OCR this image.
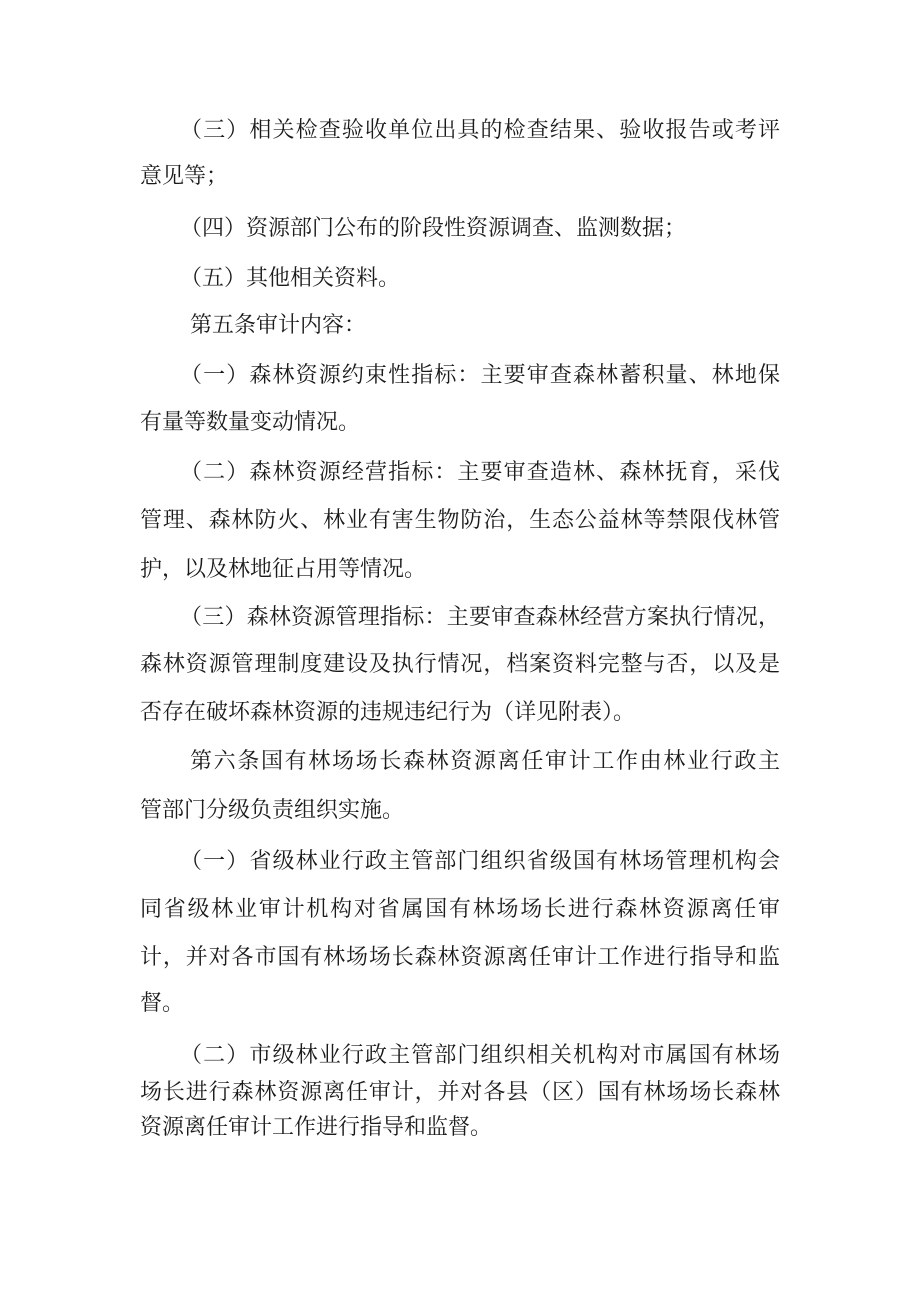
（三）相关检查验收单位出具的检查结果、验收报告或考评
意见等；
（四）资源部门公布的阶段性资源调查、监测数据；
（五）其他相关资料。
第五条审计内容：
（一）森林资源约束性指标：主要审查森林蓄积量、林地保
有量等数量变动情况。
（二）森林资源经营指标：主要审查造林、森林抚育，采伐
管理、森林防火、林业有害生物防治，生态公益林等禁限伐林管
护，以及林地征占用等情况。
（三）森林资源管理指标：主要审查森林经营方案执行情况，
森林资源管理制度建设及执行情况，档案资料完整与否，以及是
否存在破坏森林资源的违规违纪行为（详见附表）。
第六条国有林场场长森林资源离任审计工作由林业行政主
管部门分级负责组织实施。
（一）省级林业行政主管部门组织省级国有林场管理机构会
同省级林业审计机构对省属国有林场场长进行森林资源离任审
计，并对各市国有林场场长森林资源离任审计工作进行指导和监
督。
（二）市级林业行政主管部门组织相关机构对市属国有林场
场长进行森林资源离任审计，并对各县（区）国有林场场长森林
资源离任审计工作进行指导和监督。
